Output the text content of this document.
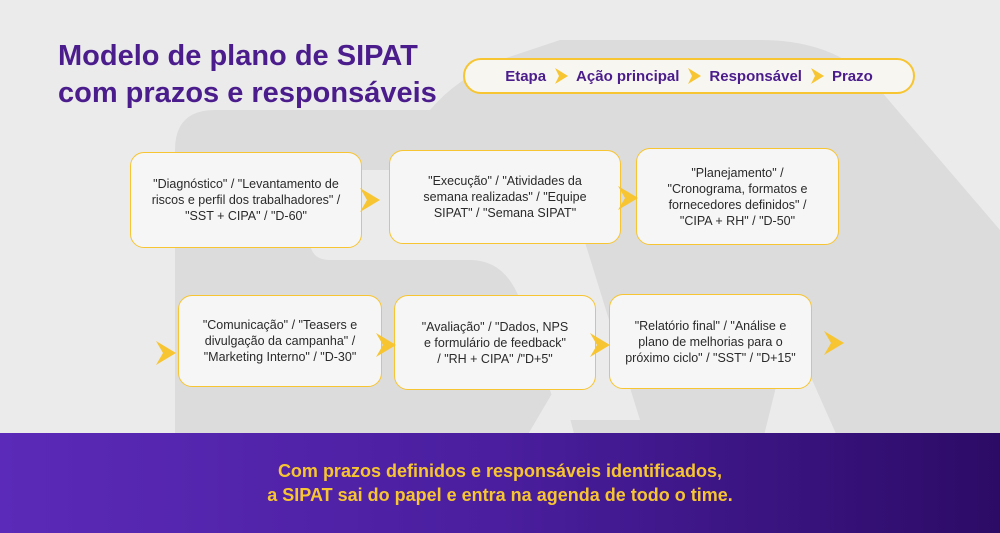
Modelo de plano de SIPAT
com prazos e responsáveis
Etapa Ação principal Responsável Prazo
"Diagnóstico" / "Levantamento de
riscos e perfil dos trabalhadores" /
"SST + CIPA" / "D-60"
"Execução" / "Atividades da
semana realizadas" / "Equipe
SIPAT" / "Semana SIPAT"
"Planejamento" /
"Cronograma, formatos e
fornecedores definidos" /
"CIPA + RH" / "D-50"
"Comunicação" / "Teasers e
divulgação da campanha" /
"Marketing Interno" / "D-30"
"Avaliação" / "Dados, NPS
e formulário de feedback"
/ "RH + CIPA" /"D+5"
"Relatório final" / "Análise e
plano de melhorias para o
próximo ciclo" / "SST" / "D+15"
Com prazos definidos e responsáveis identificados,
a SIPAT sai do papel e entra na agenda de todo o time.
